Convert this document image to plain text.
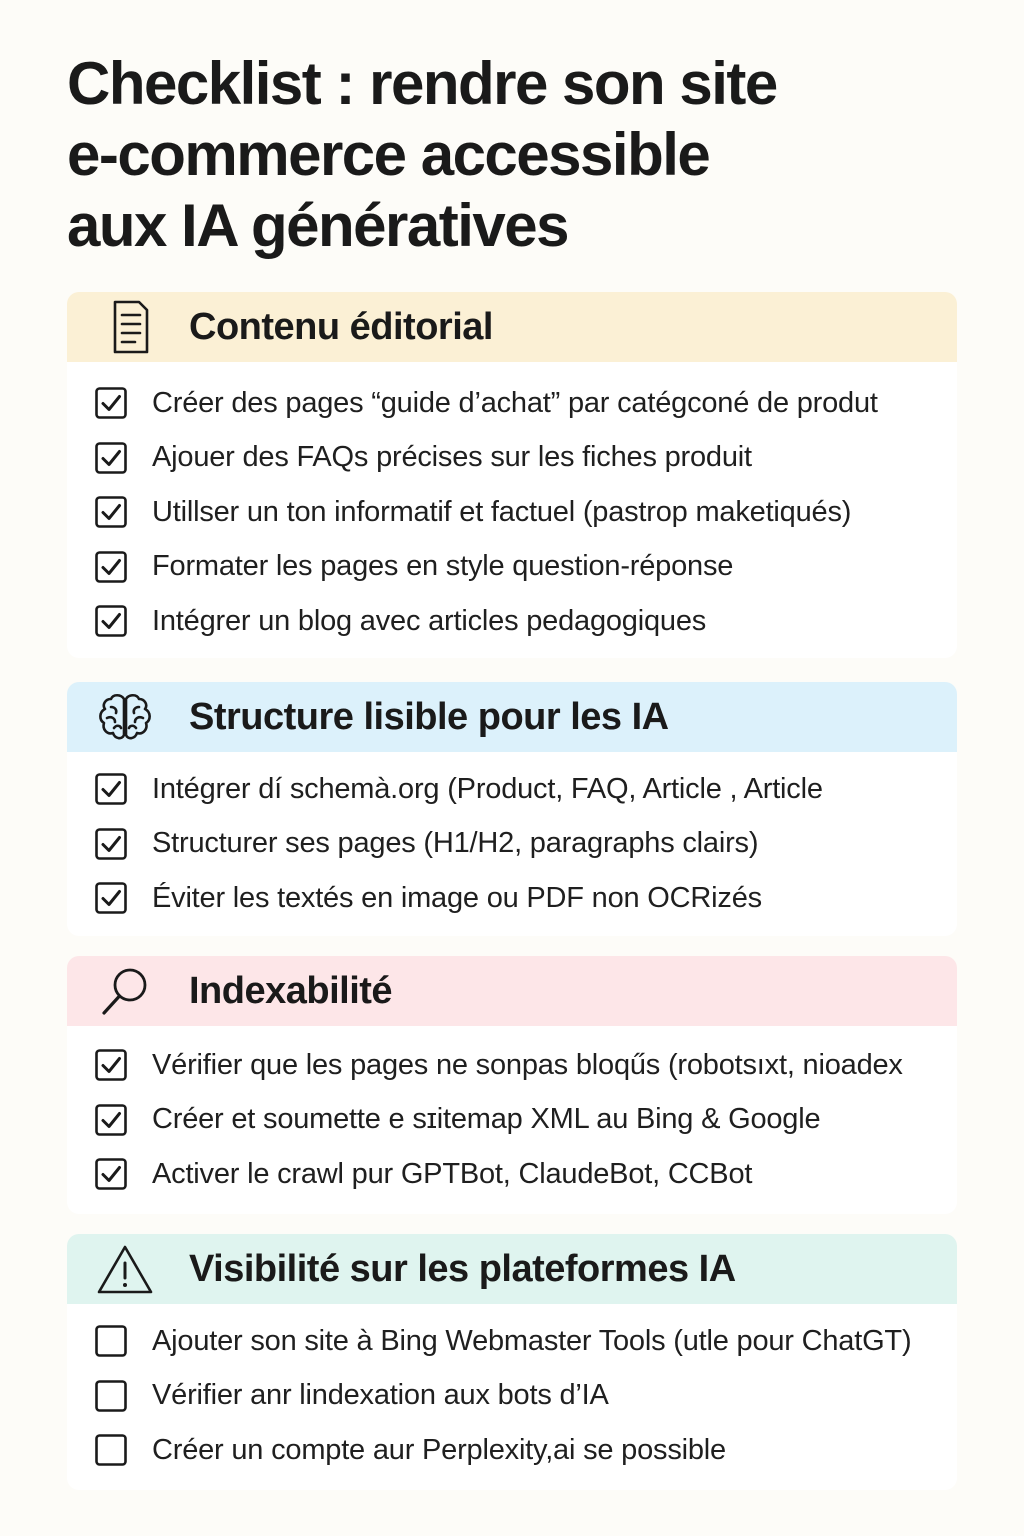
Checklist : rendre son site
e-commerce accessible
aux IA génératives
Contenu éditorial
Créer des pages “guide d’achat” par catégconé de produt
Ajouer des FAQs précises sur les fiches produit
Utillser un ton informatif et factuel (pastrop maketiqués)
Formater les pages en style question-réponse
Intégrer un blog avec articles pedagogiques
Structure lisible pour les IA
Intégrer dí schemà.org (Product, FAQ, Article , Article
Structurer ses pages (H1/H2, paragraphs clairs)
Éviter les textés en image ou PDF non OCRizés
Indexabilité
Vérifier que les pages ne sonpas bloqűs (robotsıxt, nioadex
Créer et soumette e sɪitemap XML au Bing & Google
Activer le crawl pur GPTBot, ClaudeBot, CCBot
Visibilité sur les plateformes IA
Ajouter son site à Bing Webmaster Tools (utle pour ChatGT)
Vérifier anr lindexation aux bots d’IA
Créer un compte aur Perplexity,ai se possible
